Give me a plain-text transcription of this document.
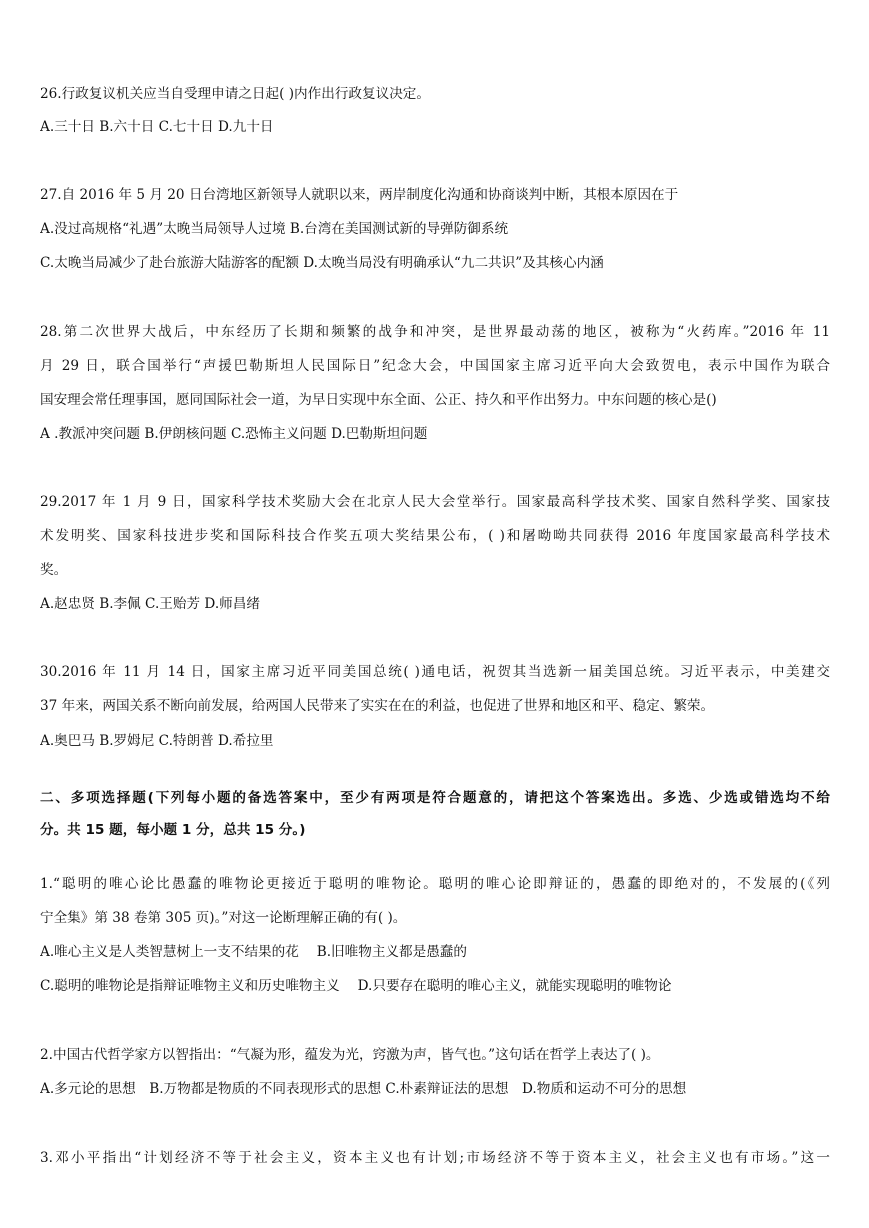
26.行政复议机关应当自受理申请之日起( )内作出行政复议决定。
A.三十日 B.六十日 C.七十日 D.九十日
27.自 2016 年 5 月 20 日台湾地区新领导人就职以来，两岸制度化沟通和协商谈判中断，其根本原因在于
A.没过高规格“礼遇”太晚当局领导人过境 B.台湾在美国测试新的导弹防御系统
C.太晚当局减少了赴台旅游大陆游客的配额 D.太晚当局没有明确承认“九二共识”及其核心内涵
28.第二次世界大战后，中东经历了长期和频繁的战争和冲突，是世界最动荡的地区，被称为“火药库。”2016 年 11
月 29 日，联合国举行“声援巴勒斯坦人民国际日”纪念大会，中国国家主席习近平向大会致贺电，表示中国作为联合
国安理会常任理事国，愿同国际社会一道，为早日实现中东全面、公正、持久和平作出努力。中东问题的核心是()
A .教派冲突问题 B.伊朗核问题 C.恐怖主义问题 D.巴勒斯坦问题
29.2017 年 1 月 9 日，国家科学技术奖励大会在北京人民大会堂举行。国家最高科学技术奖、国家自然科学奖、国家技
术发明奖、国家科技进步奖和国际科技合作奖五项大奖结果公布，( )和屠呦呦共同获得 2016 年度国家最高科学技术
奖。
A.赵忠贤 B.李佩 C.王贻芳 D.师昌绪
30.2016 年 11 月 14 日，国家主席习近平同美国总统( )通电话，祝贺其当选新一届美国总统。习近平表示，中美建交
37 年来，两国关系不断向前发展，给两国人民带来了实实在在的利益，也促进了世界和地区和平、稳定、繁荣。
A.奥巴马 B.罗姆尼 C.特朗普 D.希拉里
二、多项选择题(下列每小题的备选答案中，至少有两项是符合题意的，请把这个答案选出。多选、少选或错选均不给
分。共 15 题，每小题 1 分，总共 15 分。)
1.“聪明的唯心论比愚蠢的唯物论更接近于聪明的唯物论。聪明的唯心论即辩证的，愚蠢的即绝对的，不发展的(《列
宁全集》第 38 卷第 305 页)。”对这一论断理解正确的有( )。
A.唯心主义是人类智慧树上一支不结果的花　 B.旧唯物主义都是愚蠢的
C.聪明的唯物论是指辩证唯物主义和历史唯物主义　 D.只要存在聪明的唯心主义，就能实现聪明的唯物论
2.中国古代哲学家方以智指出：“气凝为形，蕴发为光，窍激为声，皆气也。”这句话在哲学上表达了( )。
A.多元论的思想　B.万物都是物质的不同表现形式的思想 C.朴素辩证法的思想　D.物质和运动不可分的思想
3.邓小平指出“计划经济不等于社会主义，资本主义也有计划;市场经济不等于资本主义，社会主义也有市场。”这一
